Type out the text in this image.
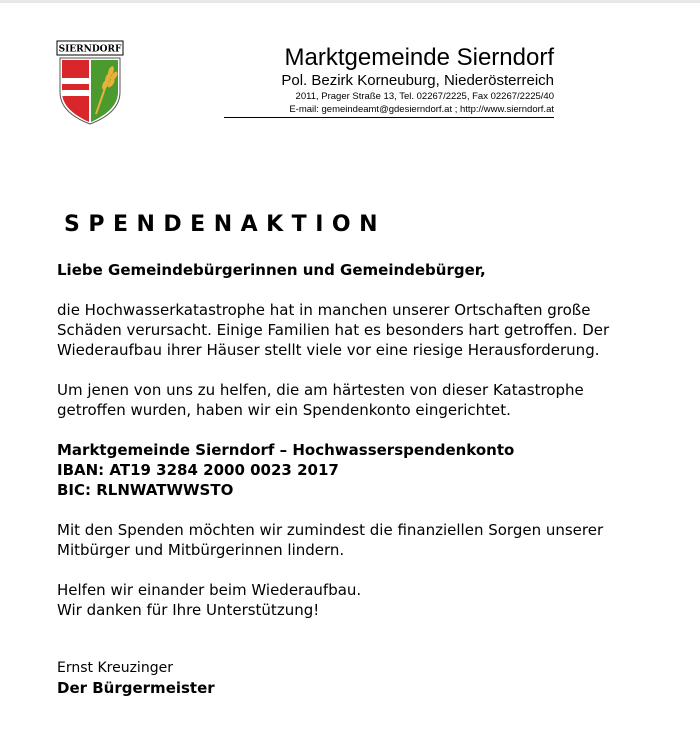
SIERNDORF	Marktgemeinde Sierndorf
Pol. Bezirk Korneuburg, Niederösterreich
2011, Prager Straße 13, Tel. 02267/2225, Fax 02267/2225/40
E-mail: gemeindeamt@gdesierndorf.at ; http://www.sierndorf.at
SPENDENAKTION

Liebe Gemeindebürgerinnen und Gemeindebürger,

die Hochwasserkatastrophe hat in manchen unserer Ortschaften große Schäden verursacht. Einige Familien hat es besonders hart getroffen. Der Wiederaufbau ihrer Häuser stellt viele vor eine riesige Herausforderung.

Um jenen von uns zu helfen, die am härtesten von dieser Katastrophe getroffen wurden, haben wir ein Spendenkonto eingerichtet.

Marktgemeinde Sierndorf – Hochwasserspendenkonto

IBAN: AT19 3284 2000 0023 2017

BIC: RLNWATWWSTO

Mit den Spenden möchten wir zumindest die finanziellen Sorgen unserer Mitbürger und Mitbürgerinnen lindern.

Helfen wir einander beim Wiederaufbau.

Wir danken für Ihre Unterstützung!

Ernst Kreuzinger

Der Bürgermeister
